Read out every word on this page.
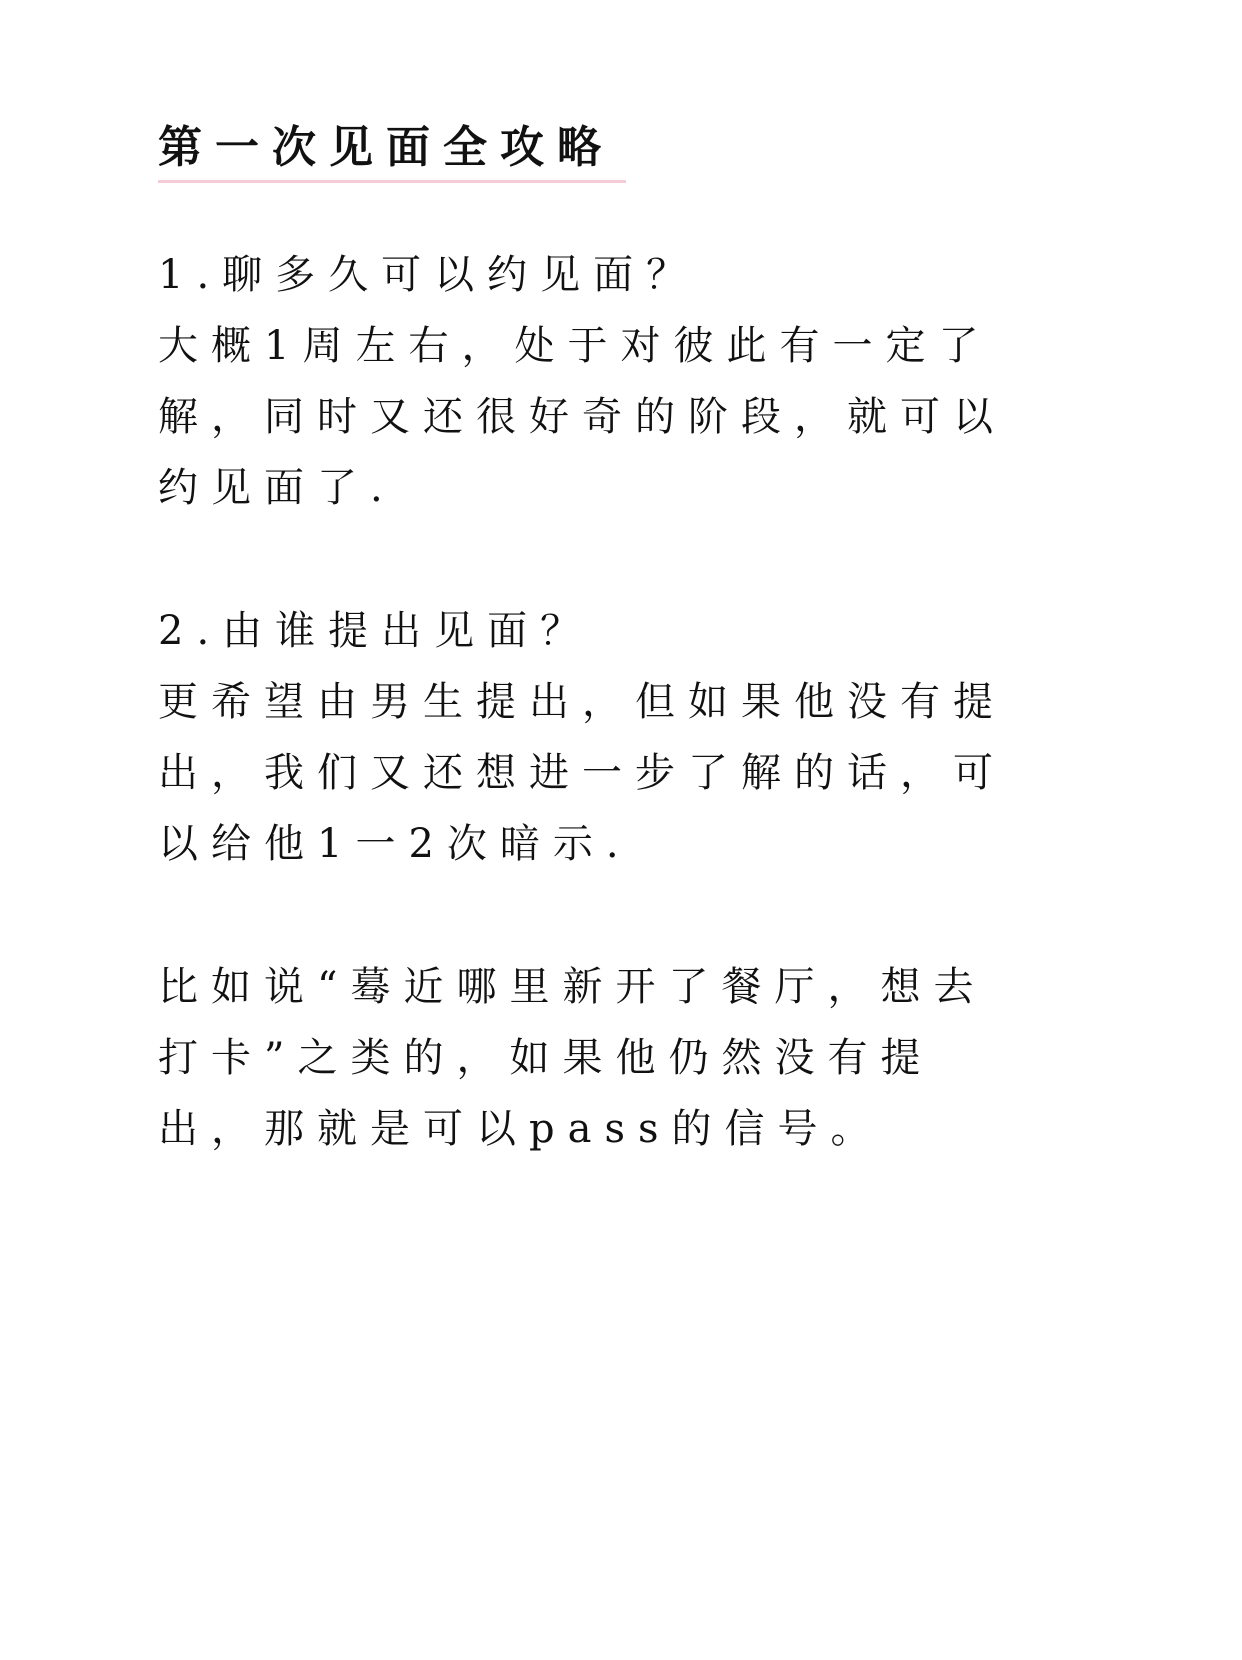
第一次见面全攻略

1.聊多久可以约见面？
大概1周左右，处于对彼此有一定了
解，同时又还很好奇的阶段，就可以
约见面了.

2.由谁提出见面？
更希望由男生提出，但如果他没有提
出，我们又还想进一步了解的话，可
以给他1一2次暗示.

比如说“蓦近哪里新开了餐厅，想去
打卡”之类的，如果他仍然没有提
出，那就是可以pass的信号。
